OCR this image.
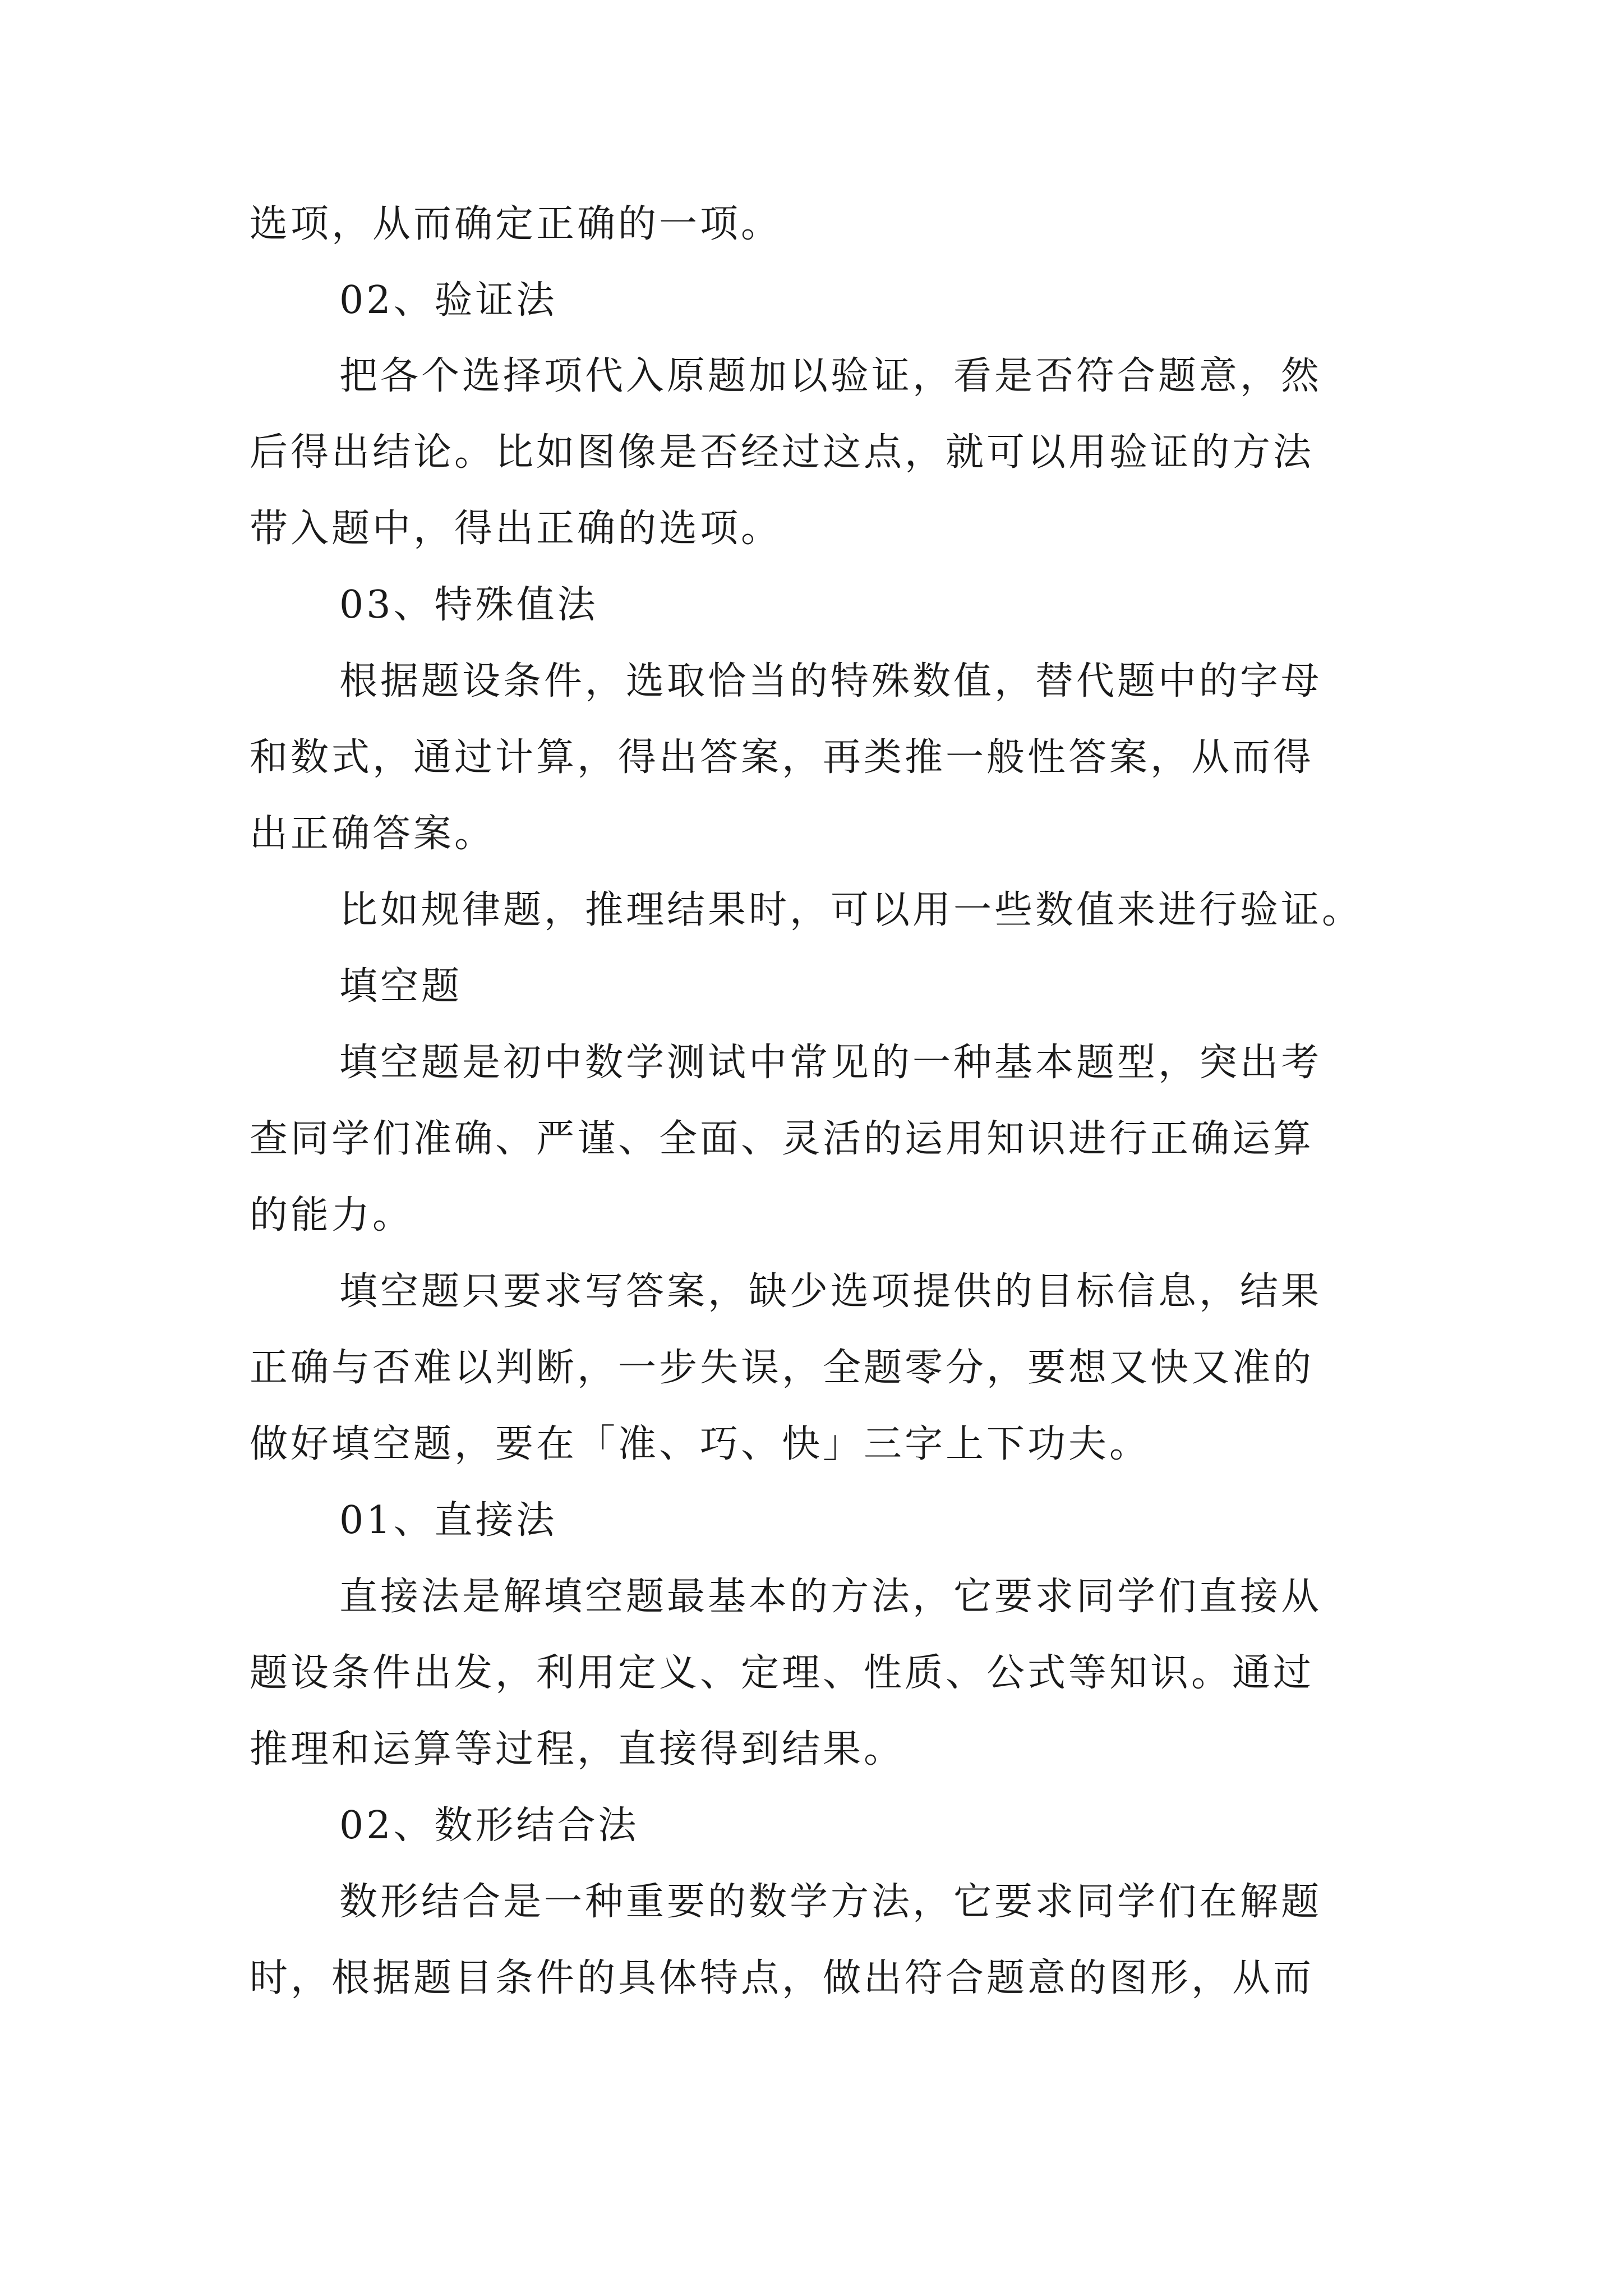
选项，从而确定正确的一项。
02、验证法
把各个选择项代入原题加以验证，看是否符合题意，然
后得出结论。比如图像是否经过这点，就可以用验证的方法
带入题中，得出正确的选项。
03、特殊值法
根据题设条件，选取恰当的特殊数值，替代题中的字母
和数式，通过计算，得出答案，再类推一般性答案，从而得
出正确答案。
比如规律题，推理结果时，可以用一些数值来进行验证。
填空题
填空题是初中数学测试中常见的一种基本题型，突出考
查同学们准确、严谨、全面、灵活的运用知识进行正确运算
的能力。
填空题只要求写答案，缺少选项提供的目标信息，结果
正确与否难以判断，一步失误，全题零分，要想又快又准的
做好填空题，要在「准、巧、快」三字上下功夫。
01、直接法
直接法是解填空题最基本的方法，它要求同学们直接从
题设条件出发，利用定义、定理、性质、公式等知识。通过
推理和运算等过程，直接得到结果。
02、数形结合法
数形结合是一种重要的数学方法，它要求同学们在解题
时，根据题目条件的具体特点，做出符合题意的图形，从而
